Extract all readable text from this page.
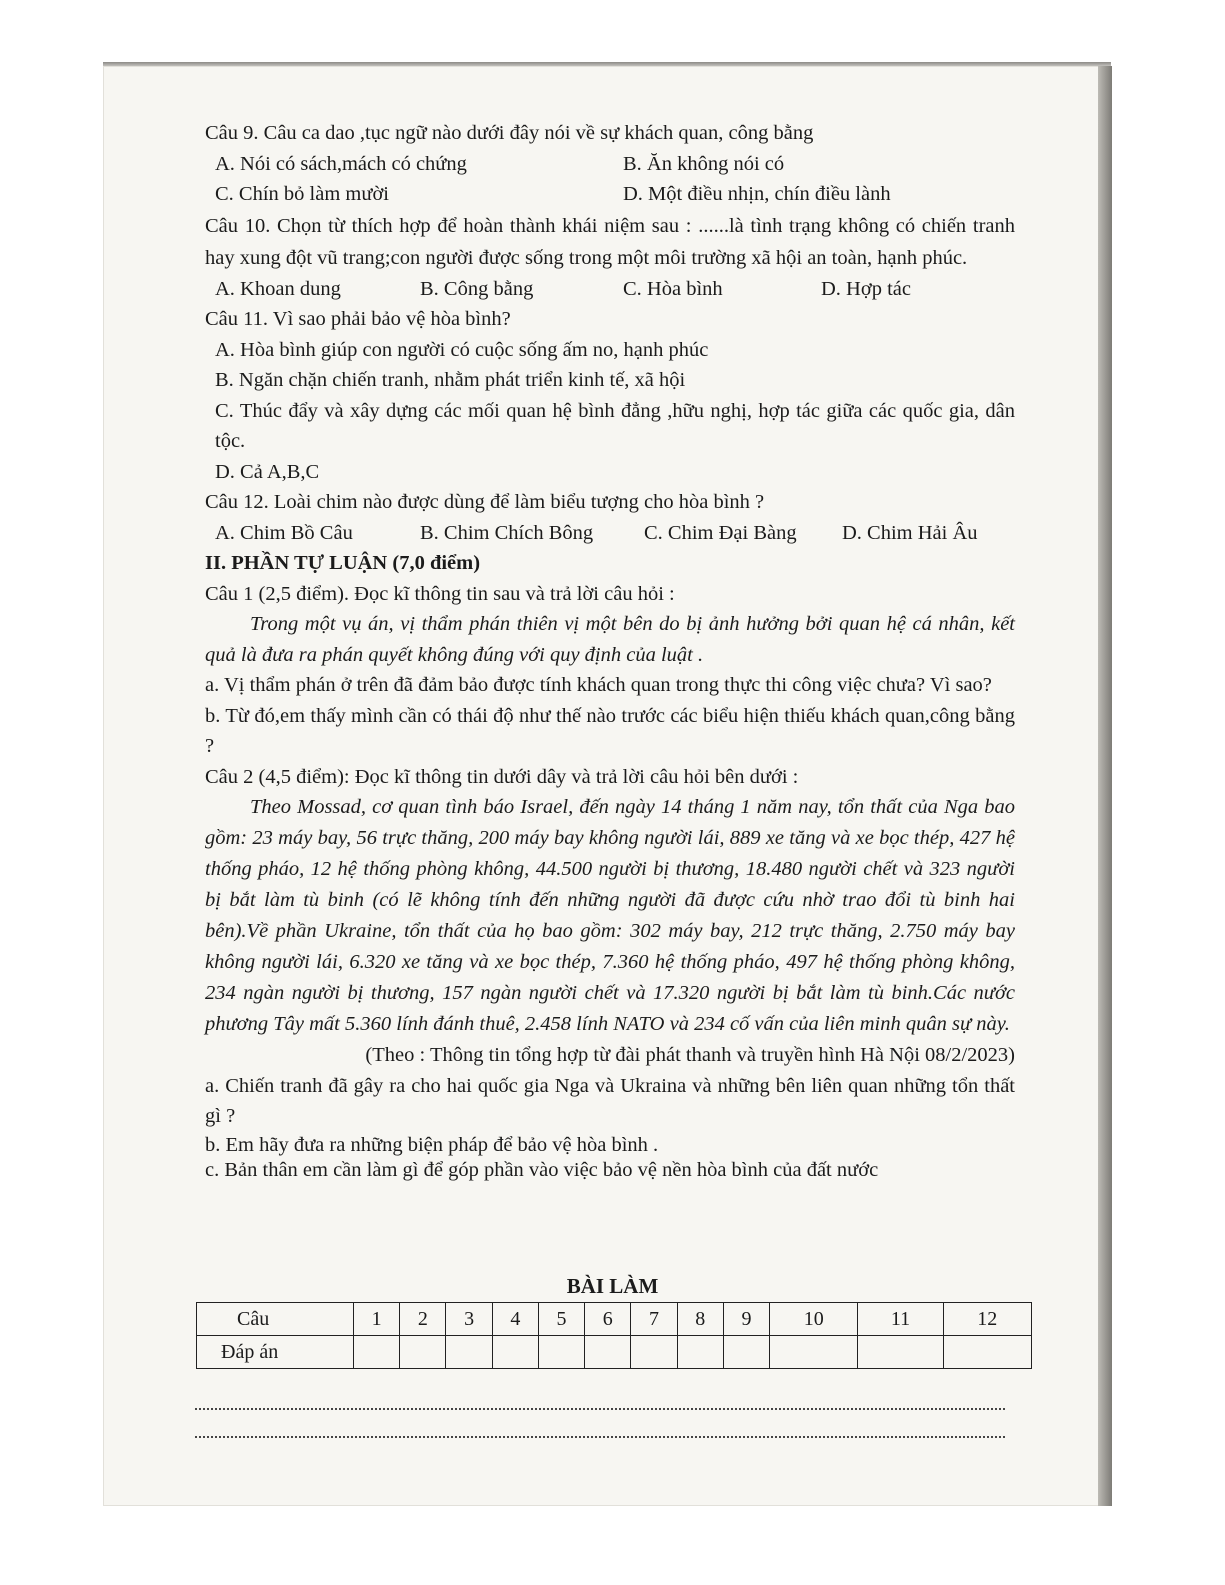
Câu 9. Câu ca dao ,tục ngữ nào dưới đây nói về sự khách quan, công bằng

A. Nói có sách,mách có chứng	B. Ăn không nói có
C. Chín bỏ làm mười	D. Một điều nhịn, chín điều lành

Câu 10. Chọn từ thích hợp để hoàn thành khái niệm sau : ......là tình trạng không có chiến tranh hay xung đột vũ trang;con người được sống trong một môi trường xã hội an toàn, hạnh phúc.

A. Khoan dung	B. Công bằng	C. Hòa bình	D. Hợp tác

Câu 11. Vì sao phải bảo vệ hòa bình?

A. Hòa bình giúp con người có cuộc sống ấm no, hạnh phúc

B. Ngăn chặn chiến tranh, nhằm phát triển kinh tế, xã hội

C. Thúc đẩy và xây dựng các mối quan hệ bình đẳng ,hữu nghị, hợp tác giữa các quốc gia, dân tộc.

D. Cả A,B,C

Câu 12. Loài chim nào được dùng để làm biểu tượng cho hòa bình ?

A. Chim Bồ Câu	B. Chim Chích Bông	C. Chim Đại Bàng	D. Chim Hải Âu

II. PHẦN TỰ LUẬN (7,0 điểm)

Câu 1 (2,5 điểm). Đọc kĩ thông tin sau và trả lời câu hỏi :

Trong một vụ án, vị thẩm phán thiên vị một bên do bị ảnh hưởng bởi quan hệ cá nhân, kết quả là đưa ra phán quyết không đúng với quy định của luật .

a. Vị thẩm phán ở trên đã đảm bảo được tính khách quan trong thực thi công việc chưa? Vì sao?

b. Từ đó,em thấy mình cần có thái độ như thế nào trước các biểu hiện thiếu khách quan,công bằng ?

Câu 2 (4,5 điểm): Đọc kĩ thông tin dưới dây và trả lời câu hỏi bên dưới :

Theo Mossad, cơ quan tình báo Israel, đến ngày 14 tháng 1 năm nay, tổn thất của Nga bao gồm: 23 máy bay, 56 trực thăng, 200 máy bay không người lái, 889 xe tăng và xe bọc thép, 427 hệ thống pháo, 12 hệ thống phòng không, 44.500 người bị thương, 18.480 người chết và 323 người bị bắt làm tù binh (có lẽ không tính đến những người đã được cứu nhờ trao đổi tù binh hai bên).Về phần Ukraine, tổn thất của họ bao gồm: 302 máy bay, 212 trực thăng, 2.750 máy bay không người lái, 6.320 xe tăng và xe bọc thép, 7.360 hệ thống pháo, 497 hệ thống phòng không, 234 ngàn người bị thương, 157 ngàn người chết và 17.320 người bị bắt làm tù binh.Các nước phương Tây mất 5.360 lính đánh thuê, 2.458 lính NATO và 234 cố vấn của liên minh quân sự này.

(Theo : Thông tin tổng hợp từ đài phát thanh và truyền hình Hà Nội 08/2/2023)

a. Chiến tranh đã gây ra cho hai quốc gia Nga và Ukraina và những bên liên quan những tổn thất gì ?

b. Em hãy đưa ra những biện pháp để bảo vệ hòa bình .

c. Bản thân em cần làm gì để góp phần vào việc bảo vệ nền hòa bình của đất nước

BÀI LÀM
Câu	1	2	3	4	5	6	7	8	9	10	11	12
Đáp án												
